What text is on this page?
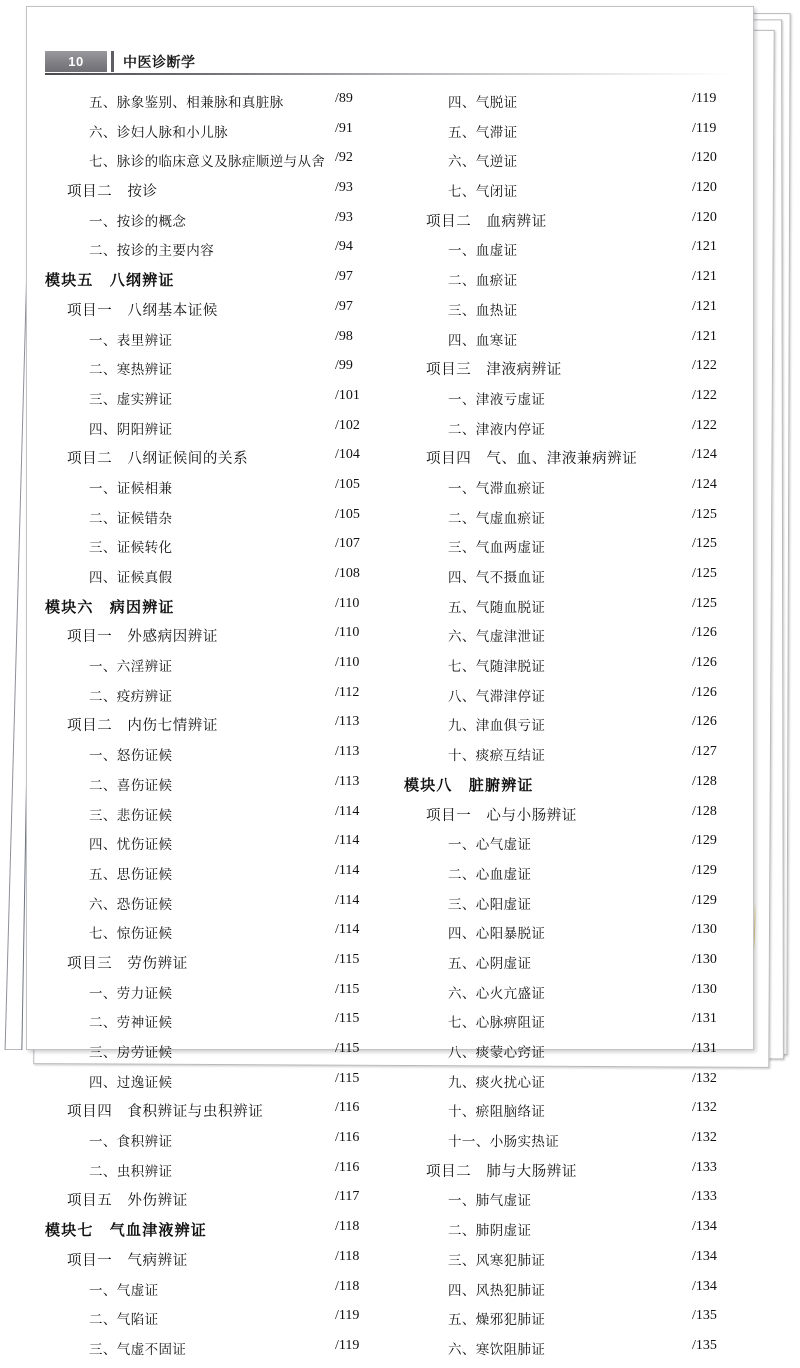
10	中医诊断学
五、脉象鉴别、相兼脉和真脏脉	/89
六、诊妇人脉和小儿脉	/91
七、脉诊的临床意义及脉症顺逆与从舍 /92
项目二　按诊	/93
一、按诊的概念	/93
二、按诊的主要内容	/94
模块五　八纲辨证	/97
项目一　八纲基本证候	/97
一、表里辨证	/98
二、寒热辨证	/99
三、虚实辨证	/101
四、阴阳辨证	/102
项目二　八纲证候间的关系	/104
一、证候相兼	/105
二、证候错杂	/105
三、证候转化	/107
四、证候真假	/108
模块六　病因辨证	/110
项目一　外感病因辨证	/110
一、六淫辨证	/110
二、疫疠辨证	/112
项目二　内伤七情辨证	/113
一、怒伤证候	/113
二、喜伤证候	/113
三、悲伤证候	/114
四、忧伤证候	/114
五、思伤证候	/114
六、恐伤证候	/114
七、惊伤证候	/114
项目三　劳伤辨证	/115
一、劳力证候	/115
二、劳神证候	/115
三、房劳证候	/115
四、过逸证候	/115
项目四　食积辨证与虫积辨证	/116
一、食积辨证	/116
二、虫积辨证	/116
项目五　外伤辨证	/117
模块七　气血津液辨证	/118
项目一　气病辨证	/118
一、气虚证	/118
二、气陷证	/119
三、气虚不固证	/119
四、气脱证	/119
五、气滞证	/119
六、气逆证	/120
七、气闭证	/120
项目二　血病辨证	/120
一、血虚证	/121
二、血瘀证	/121
三、血热证	/121
四、血寒证	/121
项目三　津液病辨证	/122
一、津液亏虚证	/122
二、津液内停证	/122
项目四　气、血、津液兼病辨证	/124
一、气滞血瘀证	/124
二、气虚血瘀证	/125
三、气血两虚证	/125
四、气不摄血证	/125
五、气随血脱证	/125
六、气虚津泄证	/126
七、气随津脱证	/126
八、气滞津停证	/126
九、津血俱亏证	/126
十、痰瘀互结证	/127
模块八　脏腑辨证	/128
项目一　心与小肠辨证	/128
一、心气虚证	/129
二、心血虚证	/129
三、心阳虚证	/129
四、心阳暴脱证	/130
五、心阴虚证	/130
六、心火亢盛证	/130
七、心脉痹阻证	/131
八、痰蒙心窍证	/131
九、痰火扰心证	/132
十、瘀阻脑络证	/132
十一、小肠实热证	/132
项目二　肺与大肠辨证	/133
一、肺气虚证	/133
二、肺阴虚证	/134
三、风寒犯肺证	/134
四、风热犯肺证	/134
五、燥邪犯肺证	/135
六、寒饮阻肺证	/135
